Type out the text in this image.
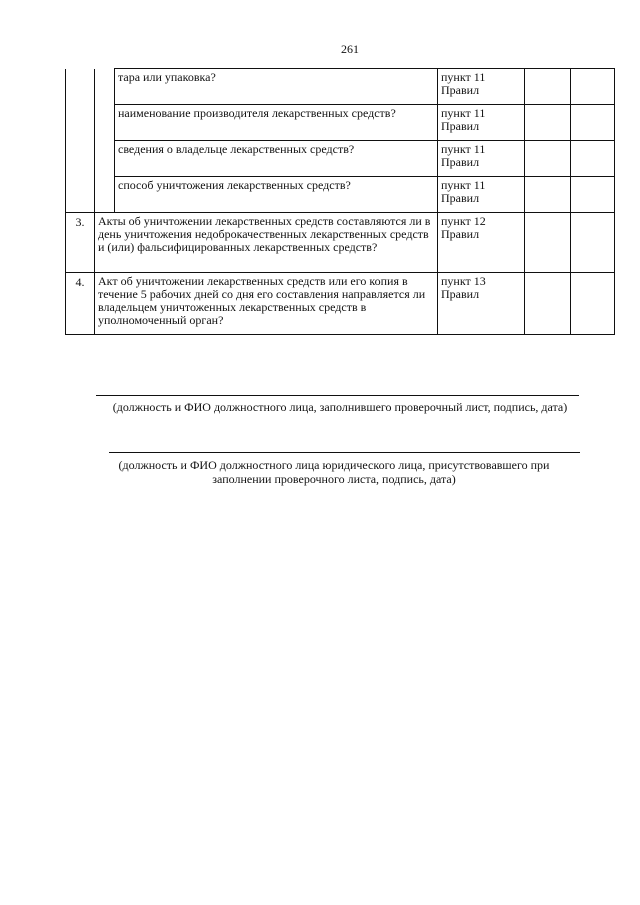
261
		тара или упаковка?	пункт 11
Правил		

		наименование производителя лекарственных средств?	пункт 11
Правил		

		сведения о владельце лекарственных средств?	пункт 11
Правил		

		способ уничтожения лекарственных средств?	пункт 11
Правил		

3.	Акты об уничтожении лекарственных средств составляются ли в день уничтожения недоброкачественных лекарственных средств и (или) фальсифицированных лекарственных средств?		пункт 12
Правил		

4.	Акт об уничтожении лекарственных средств или его копия в течение 5 рабочих дней со дня его составления направляется ли владельцем уничтоженных лекарственных средств в уполномоченный орган?		пункт 13
Правил		

(должность и ФИО должностного лица, заполнившего проверочный лист, подпись, дата)
(должность и ФИО должностного лица юридического лица, присутствовавшего при
заполнении проверочного листа, подпись, дата)
